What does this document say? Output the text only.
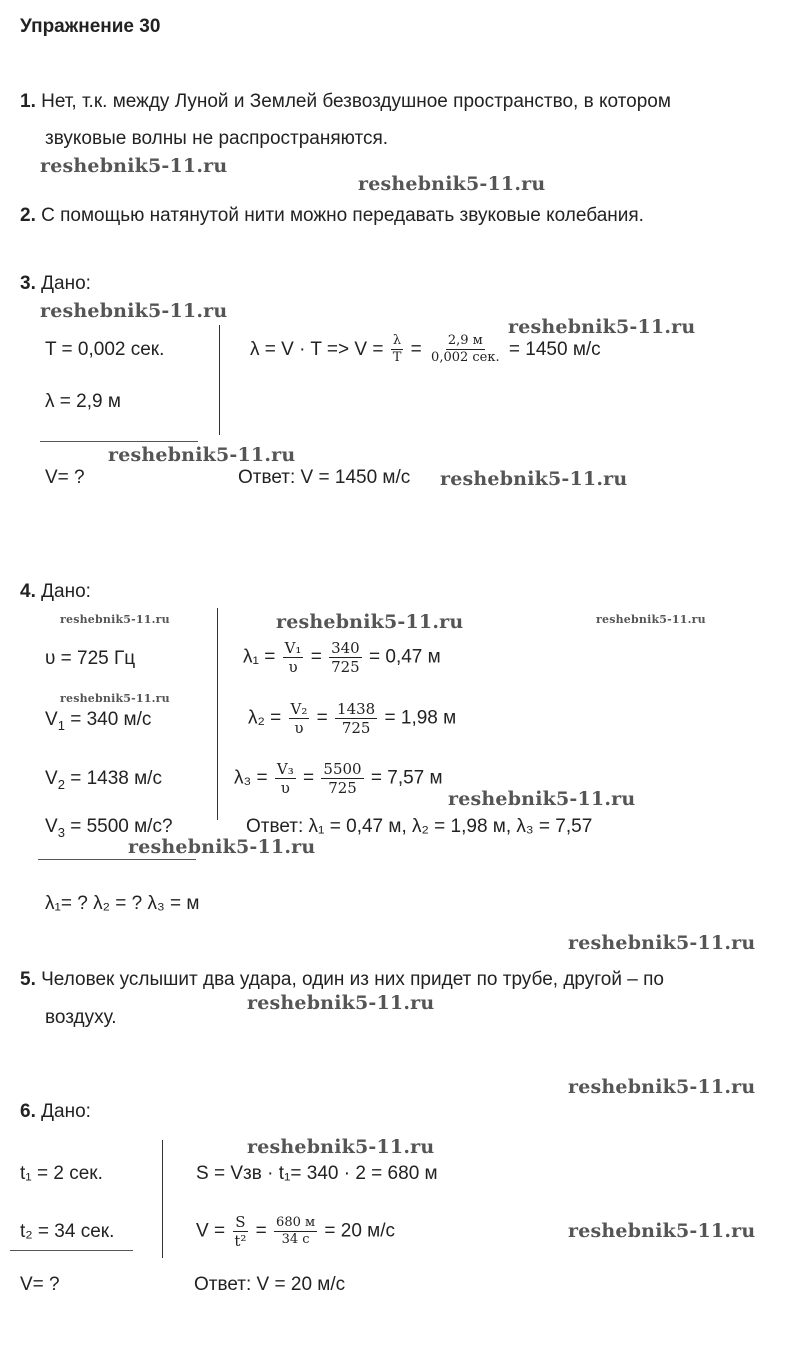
Упражнение 30
1. Нет, т.к. между Луной и Землей безвоздушное пространство, в котором
звуковые волны не распространяются.
2. С помощью натянутой нити можно передавать звуковые колебания.
3. Дано:
T = 0,002 сек.
λ = 2,9 м
V= ?
$\lambda = V \cdot T => V = \frac{\lambda}{T} = \frac{2,9 м}{\text{0,002 сек.}} = 1450$ м/с
Ответ: V = 1450 м/с
4. Дано:
υ = 725 Гц
$V_1 = 340$ м/с
$V_2 = 1438$ м/с
$V_3 = 5500$ м/с?
λ₁= ? λ₂ = ? λ₃ = м
$\lambda_1 = \frac{\text{V₁}}{\upsilon} = \frac{340}{725} = 0,47$ м
$\lambda_2 = \frac{\text{V₂}}{\upsilon} = \frac{1438}{725} = 1,98$ м
$\lambda_3 = \frac{\text{V₃}}{\upsilon} = \frac{5500}{725} = 7,57$ м
Ответ: λ₁ = 0,47 м, λ₂ = 1,98 м, λ₃ = 7,57
5. Человек услышит два удара, один из них придет по трубе, другой – по
воздуху.
6. Дано:
t₁ = 2 сек.
t₂ = 34 сек.
V= ?
S = Vзв · t₁= 340 · 2 = 680 м
$V = \frac{S}{\text{t²}} = \frac{680 м}{34 с} = 20$ м/с
Ответ: V = 20 м/с
reshebnik5-11.ru
reshebnik5-11.ru
reshebnik5-11.ru
reshebnik5-11.ru
reshebnik5-11.ru
reshebnik5-11.ru
reshebnik5-11.ru	reshebnik5-11.ru	reshebnik5-11.ru
reshebnik5-11.ru
reshebnik5-11.ru
reshebnik5-11.ru
reshebnik5-11.ru
reshebnik5-11.ru
reshebnik5-11.ru
reshebnik5-11.ru
reshebnik5-11.ru
